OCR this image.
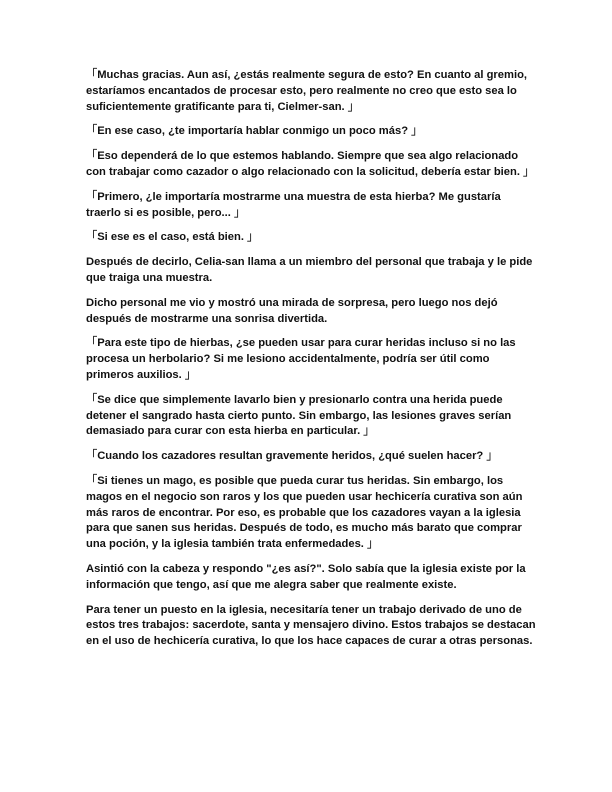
「Muchas gracias. Aun así, ¿estás realmente segura de esto? En cuanto al gremio, estaríamos encantados de procesar esto, pero realmente no creo que esto sea lo suficientemente gratificante para ti, Cielmer-san. 」

「En ese caso, ¿te importaría hablar conmigo un poco más? 」

「Eso dependerá de lo que estemos hablando. Siempre que sea algo relacionado con trabajar como cazador o algo relacionado con la solicitud, debería estar bien. 」

「Primero, ¿le importaría mostrarme una muestra de esta hierba? Me gustaría traerlo si es posible, pero... 」

「Si ese es el caso, está bien. 」

Después de decirlo, Celia-san llama a un miembro del personal que trabaja y le pide que traiga una muestra.

Dicho personal me vio y mostró una mirada de sorpresa, pero luego nos dejó después de mostrarme una sonrisa divertida.

「Para este tipo de hierbas, ¿se pueden usar para curar heridas incluso si no las procesa un herbolario? Si me lesiono accidentalmente, podría ser útil como primeros auxilios. 」

「Se dice que simplemente lavarlo bien y presionarlo contra una herida puede detener el sangrado hasta cierto punto. Sin embargo, las lesiones graves serían demasiado para curar con esta hierba en particular. 」

「Cuando los cazadores resultan gravemente heridos, ¿qué suelen hacer? 」

「Si tienes un mago, es posible que pueda curar tus heridas. Sin embargo, los magos en el negocio son raros y los que pueden usar hechicería curativa son aún más raros de encontrar. Por eso, es probable que los cazadores vayan a la iglesia para que sanen sus heridas. Después de todo, es mucho más barato que comprar una poción, y la iglesia también trata enfermedades. 」

Asintió con la cabeza y respondo "¿es así?". Solo sabía que la iglesia existe por la información que tengo, así que me alegra saber que realmente existe.

Para tener un puesto en la iglesia, necesitaría tener un trabajo derivado de uno de estos tres trabajos: sacerdote, santa y mensajero divino. Estos trabajos se destacan en el uso de hechicería curativa, lo que los hace capaces de curar a otras personas.
